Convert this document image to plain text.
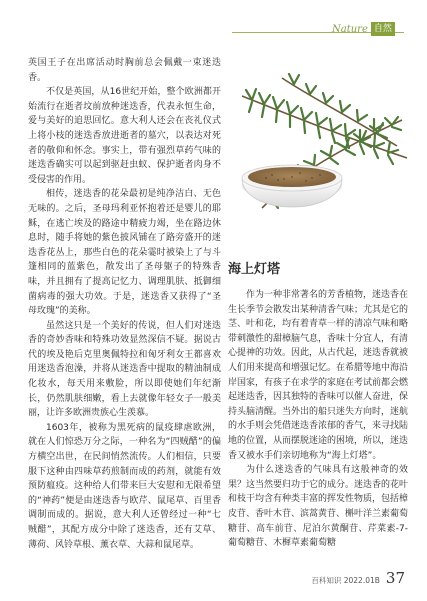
Nature 自然

英国王子在出席活动时胸前总会佩戴一束迷迭香。

不仅是英国，从16世纪开始，整个欧洲都开始流行在逝者坟前放种迷迭香，代表永恒生命，爱与美好的追思回忆。意大利人还会在丧礼仪式上将小枝的迷迭香放进逝者的墓穴，以表达对死者的敬仰和怀念。事实上，带有强烈草药气味的迷迭香确实可以起到驱赶虫蚁、保护逝者肉身不受侵害的作用。

相传，迷迭香的花朵最初是纯净洁白、无色无味的。之后，圣母玛利亚怀抱着还是婴儿的耶稣，在逃亡埃及的路途中精疲力竭，坐在路边休息时，随手将她的紫色披风铺在了路旁盛开的迷迭香花丛上，那些白色的花朵霎时被染上了与斗篷相同的蓝紫色，散发出了圣母躯子的特殊香味，并且拥有了提高记忆力、调理肌肤、抵御细菌病毒的强大功效。于是，迷迭香又获得了“圣母玫瑰”的美称。

虽然这只是一个美好的传说，但人们对迷迭香的奇妙香味和特殊功效显然深信不疑。据说古代的埃及艳后克里奥佩特拉和匈牙利女王都喜欢用迷迭香泡澡，并将从迷迭香中提取的精油制成化妆水，每天用来敷脸，所以即使她们年纪渐长，仍然肌肤细嫩，看上去就像年轻女子一般美丽，让许多欧洲贵族心生羡慕。

1603年，被称为黑死病的鼠疫肆虐欧洲，就在人们惊恐万分之际，一种名为“四贼醋”的偏方横空出世，在民间悄然流传。人们相信，只要服下这种由四味草药煎制而成的药剂，就能有效预防瘟疫。这种给人们带来巨大安慰和无限希望的“神药”便是由迷迭香与欧芹、鼠尾草、百里香调制而成的。据说，意大利人还曾经过一种“七贼醋”，其配方成分中除了迷迭香，还有艾草、薄荷、风铃草根、薰衣草、大蒜和鼠尾草。

海上灯塔

作为一种非常著名的芳香植物，迷迭香在生长季节会散发出某种清香气味；尤其是它的茎、叶和花，均有着青草一样的清凉气味和略带刺激性的甜樟脑气息，香味十分宜人，有清心提神的功效。因此，从古代起，迷迭香就被人们用来提高和增强记忆。在希腊等地中海沿岸国家，有孩子在求学的家庭在考试前都会燃起迷迭香，因其独特的香味可以催人奋进，保持头脑清醒。当外出的船只迷失方向时，迷航的水手则会凭借迷迭香浓郁的香气，来寻找陆地的位置，从而摆脱迷途的困境，所以，迷迭香又被水手们亲切地称为“海上灯塔”。

为什么迷迭香的气味具有这般神奇的效果？这当然要归功于它的成分。迷迭香的花叶和枝干均含有种类丰富的挥发性物质，包括樟皮苷、香叶木苷、滨蒿黄苷、槲叶洋兰素葡萄糖苷、高车前苷、尼泊尔黄酮苷、芹菜素-7-葡萄糖苷、木樨草素葡萄糖

百科知识 2022.01B 37
